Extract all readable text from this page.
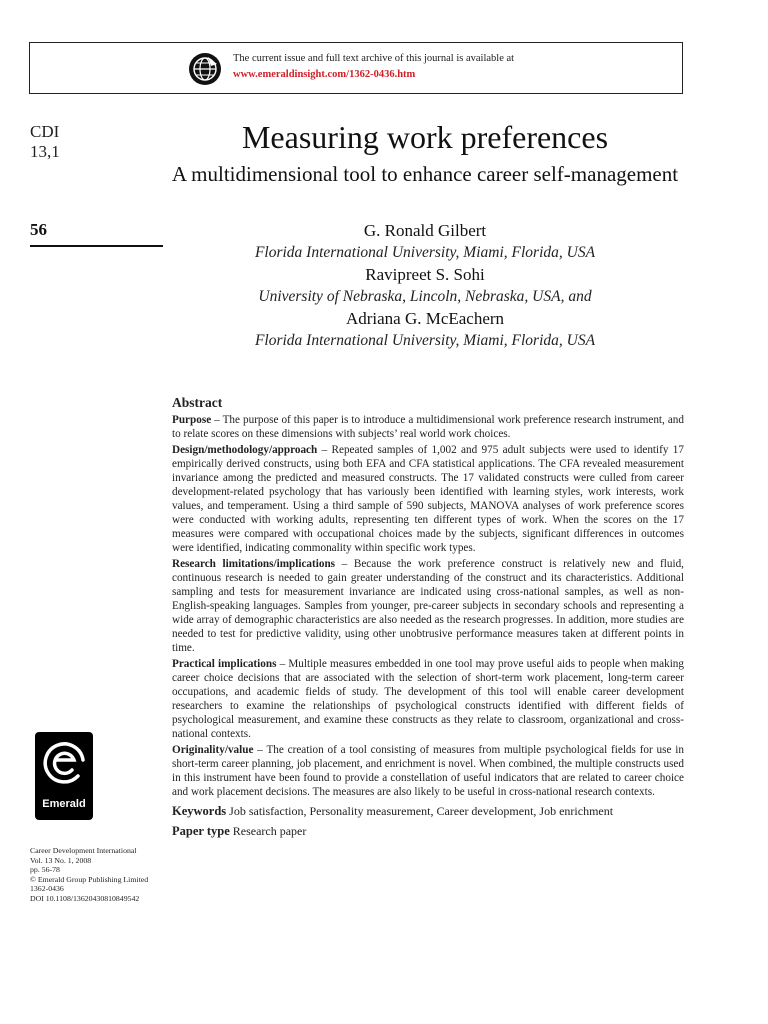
The current issue and full text archive of this journal is available at
www.emeraldinsight.com/1362-0436.htm
CDI
13,1
56
Measuring work preferences
A multidimensional tool to enhance career self-management
G. Ronald Gilbert
Florida International University, Miami, Florida, USA
Ravipreet S. Sohi
University of Nebraska, Lincoln, Nebraska, USA, and
Adriana G. McEachern
Florida International University, Miami, Florida, USA
Abstract

Purpose – The purpose of this paper is to introduce a multidimensional work preference research instrument, and to relate scores on these dimensions with subjects’ real world work choices.

Design/methodology/approach – Repeated samples of 1,002 and 975 adult subjects were used to identify 17 empirically derived constructs, using both EFA and CFA statistical applications. The CFA revealed measurement invariance among the predicted and measured constructs. The 17 validated constructs were culled from career development-related psychology that has variously been identified with learning styles, work interests, work values, and temperament. Using a third sample of 590 subjects, MANOVA analyses of work preference scores were conducted with working adults, representing ten different types of work. When the scores on the 17 measures were compared with occupational choices made by the subjects, significant differences in outcomes were identified, indicating commonality within specific work types.

Research limitations/implications – Because the work preference construct is relatively new and fluid, continuous research is needed to gain greater understanding of the construct and its characteristics. Additional sampling and tests for measurement invariance are indicated using cross-national samples, as well as non-English-speaking languages. Samples from younger, pre-career subjects in secondary schools and representing a wide array of demographic characteristics are also needed as the research progresses. In addition, more studies are needed to test for predictive validity, using other unobtrusive performance measures taken at different points in time.

Practical implications – Multiple measures embedded in one tool may prove useful aids to people when making career choice decisions that are associated with the selection of short-term work placement, long-term career occupations, and academic fields of study. The development of this tool will enable career development researchers to examine the relationships of psychological constructs identified with different fields of psychological measurement, and examine these constructs as they relate to classroom, organizational and cross-national contexts.

Originality/value – The creation of a tool consisting of measures from multiple psychological fields for use in short-term career planning, job placement, and enrichment is novel. When combined, the multiple constructs used in this instrument have been found to provide a constellation of useful indicators that are related to career choice and work placement decisions. The measures are also likely to be useful in cross-national research contexts.

Keywords Job satisfaction, Personality measurement, Career development, Job enrichment
Paper type Research paper
Emerald
Career Development International
Vol. 13 No. 1, 2008
pp. 56-78
© Emerald Group Publishing Limited
1362-0436
DOI 10.1108/13620430810849542
